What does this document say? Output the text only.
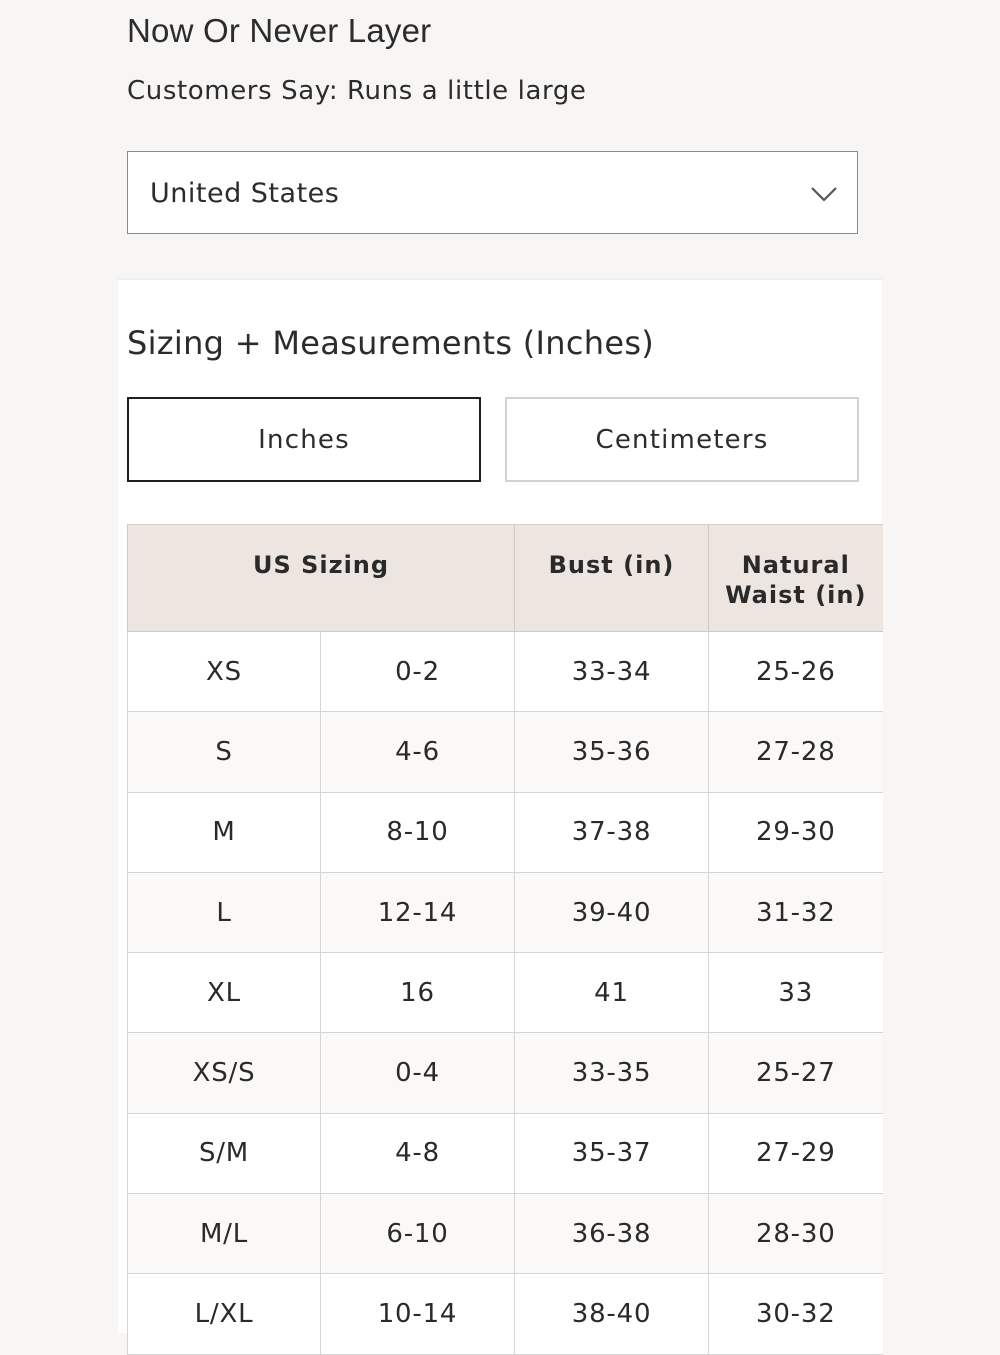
Now Or Never Layer
Customers Say: Runs a little large
United States
Sizing + Measurements (Inches)
Inches	Centimeters
US Sizing		Bust (in)	Natural
Waist (in)
XS	0-2	33-34	25-26
S	4-6	35-36	27-28
M	8-10	37-38	29-30
L	12-14	39-40	31-32
XL	16	41	33
XS/S	0-4	33-35	25-27
S/M	4-8	35-37	27-29
M/L	6-10	36-38	28-30
L/XL	10-14	38-40	30-32
